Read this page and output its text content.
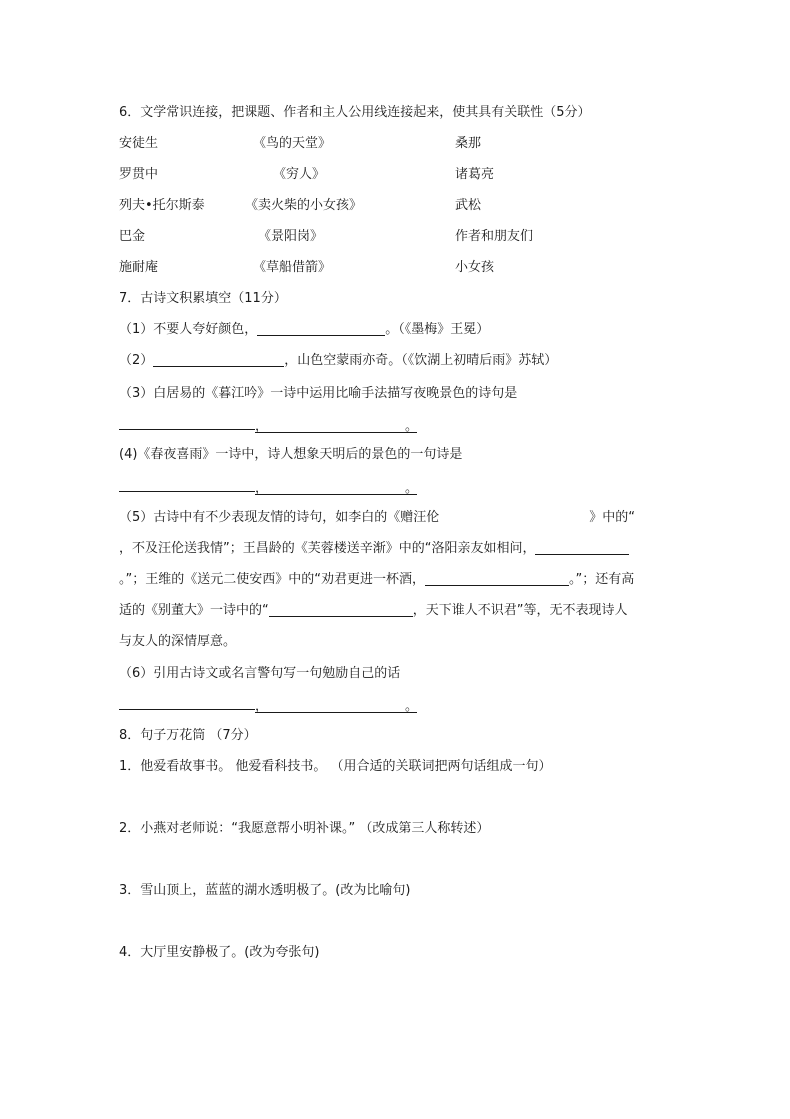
6．文学常识连接，把课题、作者和主人公用线连接起来，使其具有关联性（5分）
安徒生	《鸟的天堂》	桑那
罗贯中	《穷人》	诸葛亮
列夫•托尔斯泰	《卖火柴的小女孩》	武松
巴金	《景阳岗》	作者和朋友们
施耐庵	《草船借箭》	小女孩
7．古诗文积累填空（11分）
（1）不要人夸好颜色，	。（《墨梅》王冕）
（2）	，山色空蒙雨亦奇。（《饮湖上初晴后雨》苏轼）
（3）白居易的《暮江吟》一诗中运用比喻手法描写夜晚景色的诗句是
，	。
(4)《春夜喜雨》一诗中，诗人想象天明后的景色的一句诗是
，	。
（5）古诗中有不少表现友情的诗句，如李白的《赠汪伦	》中的“
，不及汪伦送我情”；王昌龄的《芙蓉楼送辛渐》中的“洛阳亲友如相问，
。”；王维的《送元二使安西》中的“劝君更进一杯酒，	。”；还有高
适的《别董大》一诗中的“	，天下谁人不识君”等，无不表现诗人
与友人的深情厚意。
（6）引用古诗文或名言警句写一句勉励自己的话
，	。
8．句子万花筒 （7分）
1．他爱看故事书。 他爱看科技书。 （用合适的关联词把两句话组成一句）
2．小燕对老师说：“我愿意帮小明补课。” （改成第三人称转述）
3．雪山顶上，蓝蓝的湖水透明极了。(改为比喻句)
4．大厅里安静极了。(改为夸张句)
